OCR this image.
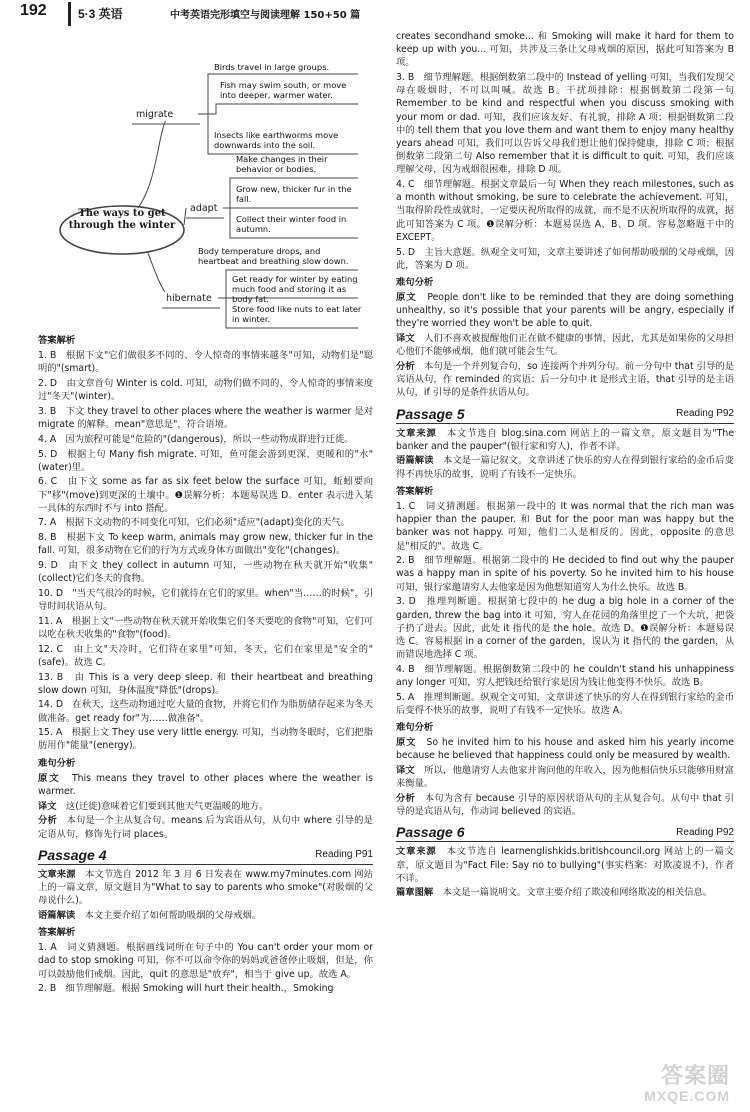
192	5·3 英语	中考英语完形填空与阅读理解 150+50 篇
migrate
adapt
hibernate
The ways to get through the winter
Birds travel in large groups.
Fish may swim south, or move into deeper, warmer water.
Insects like earthworms move downwards into the soil.
Make changes in their behavior or bodies.
Grow new, thicker fur in the fall.
Collect their winter food in autumn.
Body temperature drops, and heartbeat and breathing slow down.
Get ready for winter by eating much food and storing it as body fat.
Store food like nuts to eat later in winter.
答案解析

1. B　根据下文"它们做很多不同的、令人惊奇的事情来越冬"可知，动物们是"聪明的"(smart)。

2. D　由文章首句 Winter is cold. 可知，动物们做不同的、令人惊奇的事情来度过"冬天"(winter)。

3. B　下文 they travel to other places where the weather is warmer 是对 migrate 的解释。mean"意思是"，符合语境。

4. A　因为旅程可能是"危险的"(dangerous)，所以一些动物成群进行迁徙。

5. D　根据上句 Many fish migrate. 可知，鱼可能会游到更深、更暖和的"水"(water)里。

6. C　由下文 some as far as six feet below the surface 可知，蚯蚓要向下"移"(move)到更深的土壤中。❶误解分析：本题易误选 D。enter 表示进入某一具体的东西时不与 into 搭配。

7. A　根据下文动物的不同变化可知，它们必须"适应"(adapt)变化的天气。

8. B　根据下文 To keep warm, animals may grow new, thicker fur in the fall. 可知，很多动物在它们的行为方式或身体方面做出"变化"(changes)。

9. D　由下文 they collect in autumn 可知，一些动物在秋天就开始"收集"(collect)它们冬天的食物。

10. D　"当天气很冷的时候，它们就待在它们的家里。when"当……的时候"，引导时间状语从句。

11. A　根据上文"一些动物在秋天就开始收集它们冬天要吃的食物"可知，它们可以吃在秋天收集的"食物"(food)。

12. C　由上文"天冷时，它们待在家里"可知，冬天，它们在家里是"安全的"(safe)。故选 C。

13. B　由 This is a very deep sleep. 和 their heartbeat and breathing slow down 可知，身体温度"降低"(drops)。

14. D　在秋天，这些动物通过吃大量的食物，并将它们作为脂肪储存起来为冬天做准备。get ready for"为……做准备"。

15. A　根据上文 They use very little energy. 可知，当动物冬眠时，它们把脂肪用作"能量"(energy)。

难句分析

原文　 This means they travel to other places where the weather is warmer.

译文　 这(迁徙)意味着它们要到其他天气更温暖的地方。

分析　 本句是一个主从复合句。means 后为宾语从句，从句中 where 引导的是定语从句，修饰先行词 places。

Passage 4	Reading P91

文章来源　 本文节选自 2012 年 3 月 6 日发表在 www.my7minutes.com 网站上的一篇文章，原文题目为"What to say to parents who smoke"(对吸烟的父母说什么)。

语篇解读　 本文主要介绍了如何帮助吸烟的父母戒烟。

答案解析

1. A　词义猜测题。根据画线词所在句子中的 You can't order your mom or dad to stop smoking 可知，你不可以命令你的妈妈或爸爸停止吸烟，但是，你可以鼓励他们戒烟。因此，quit 的意思是"放弃"，相当于 give up。故选 A。

2. B　细节理解题。根据 Smoking will hurt their health.，Smoking

creates secondhand smoke... 和 Smoking will make it hard for them to keep up with you... 可知，共涉及三条让父母戒烟的原因，据此可知答案为 B 项。

3. B　细节理解题。根据倒数第二段中的 Instead of yelling 可知，当我们发现父母在吸烟时，不可以叫喊。故选 B。干扰项排除：根据倒数第二段第一句 Remember to be kind and respectful when you discuss smoking with your mom or dad. 可知，我们应该友好、有礼貌，排除 A 项；根据倒数第二段中的 tell them that you love them and want them to enjoy many healthy years ahead 可知，我们可以告诉父母我们想让他们保持健康，排除 C 项；根据倒数第二段第二句 Also remember that it is difficult to quit. 可知，我们应该理解父母，因为戒烟很困难，排除 D 项。

4. C　细节理解题。根据文章最后一句 When they reach milestones, such as a month without smoking, be sure to celebrate the achievement. 可知，当取得阶段性成就时，一定要庆祝所取得的成就，而不是不庆祝所取得的成就，据此可知答案为 C 项。❶误解分析：本题易误选 A、B、D 项。容易忽略题干中的 EXCEPT。

5. D　主旨大意题。纵观全文可知，文章主要讲述了如何帮助吸烟的父母戒烟，因此，答案为 D 项。

难句分析

原文　 People don't like to be reminded that they are doing something unhealthy, so it's possible that your parents will be angry, especially if they're worried they won't be able to quit.

译文　 人们不喜欢被提醒他们正在做不健康的事情，因此，尤其是如果你的父母担心他们不能够戒烟，他们就可能会生气。

分析　 本句是一个并列复合句，so 连接两个并列分句。前一分句中 that 引导的是宾语从句，作 reminded 的宾语；后一分句中 it 是形式主语，that 引导的是主语从句，if 引导的是条件状语从句。

Passage 5	Reading P92

文章来源　 本文节选自 blog.sina.com 网站上的一篇文章，原文题目为"The banker and the pauper"(银行家和穷人)，作者不详。

语篇解读　 本文是一篇记叙文。文章讲述了快乐的穷人在得到银行家给的金币后变得不再快乐的故事，说明了有钱不一定快乐。

答案解析

1. C　词义猜测题。根据第一段中的 It was normal that the rich man was happier than the pauper. 和 But for the poor man was happy but the banker was not happy. 可知，他们二人是相反的。因此，opposite 的意思是"相反的"。故选 C。

2. B　细节理解题。根据第二段中的 He decided to find out why the pauper was a happy man in spite of his poverty. So he invited him to his house 可知，银行家邀请穷人去他家是因为他想知道穷人为什么快乐。故选 B。

3. D　推理判断题。根据第七段中的 he dug a big hole in a corner of the garden, threw the bag into it 可知，穷人在花园的角落里挖了一个大坑，把袋子扔了进去。因此，此处 it 指代的是 the hole。故选 D。❶误解分析：本题易误选 C。容易根据 in a corner of the garden，误认为 it 指代的 the garden，从而错误地选择 C 项。

4. B　细节理解题。根据倒数第二段中的 he couldn't stand his unhappiness any longer 可知，穷人把钱还给银行家是因为钱让他变得不快乐。故选 B。

5. A　推理判断题。纵观全文可知，文章讲述了快乐的穷人在得到银行家给的金币后变得不快乐的故事，说明了有钱不一定快乐。故选 A。

难句分析

原文　 So he invited him to his house and asked him his yearly income because he believed that happiness could only be measured by wealth.

译文　 所以，他邀请穷人去他家并询问他的年收入，因为他相信快乐只能够用财富来衡量。

分析　 本句为含有 because 引导的原因状语从句的主从复合句。从句中 that 引导的是宾语从句，作动词 believed 的宾语。

Passage 6	Reading P92

文章来源　 本文节选自 learnenglishkids.britishcouncil.org 网站上的一篇文章，原文题目为"Fact File: Say no to bullying"(事实档案：对欺凌说不)，作者不详。

篇章图解　 本文是一篇说明文。文章主要介绍了欺凌和网络欺凌的相关信息。

答案圈
MXQE.COM
